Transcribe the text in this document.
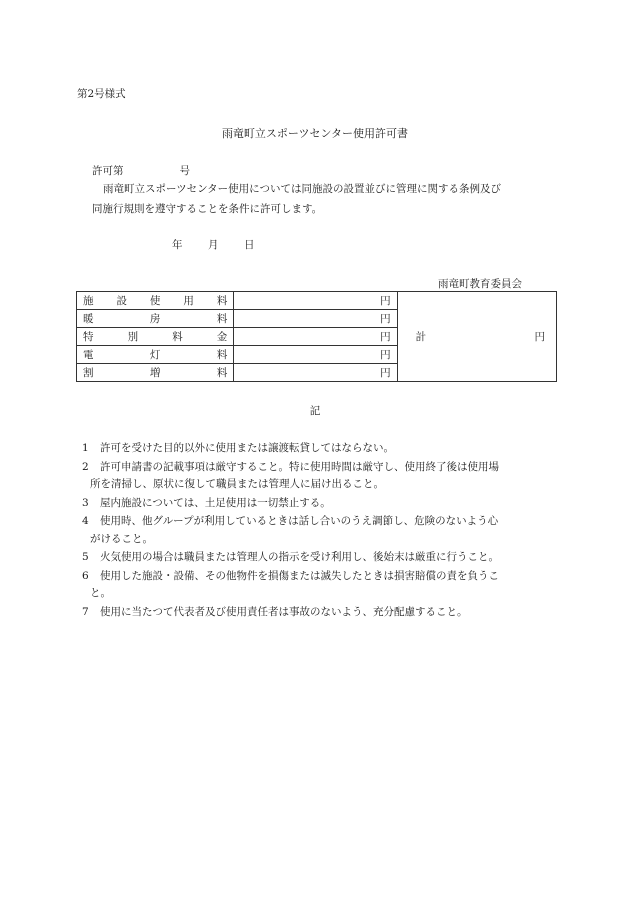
第2号様式
雨竜町立スポーツセンター使用許可書
許可第	号
雨竜町立スポーツセンター使用については同施設の設置並びに管理に関する条例及び
同施行規則を遵守することを条件に許可します。
年 月 日
雨竜町教育委員会
施 設 使 用 料	円	計 円

暖 房 料	円	

特 別 料 金	円	

電 灯 料	円	

割 増 料	円	
記
1 許可を受けた目的以外に使用または譲渡転貸してはならない。
2 許可申請書の記載事項は厳守すること。特に使用時間は厳守し、使用終了後は使用場
所を清掃し、原状に復して職員または管理人に届け出ること。
3 屋内施設については、土足使用は一切禁止する。
4 使用時、他グループが利用しているときは話し合いのうえ調節し、危険のないよう心
がけること。
5 火気使用の場合は職員または管理人の指示を受け利用し、後始末は厳重に行うこと。
6 使用した施設・設備、その他物件を損傷または滅失したときは損害賠償の責を負うこ
と。
7 使用に当たつて代表者及び使用責任者は事故のないよう、充分配慮すること。
